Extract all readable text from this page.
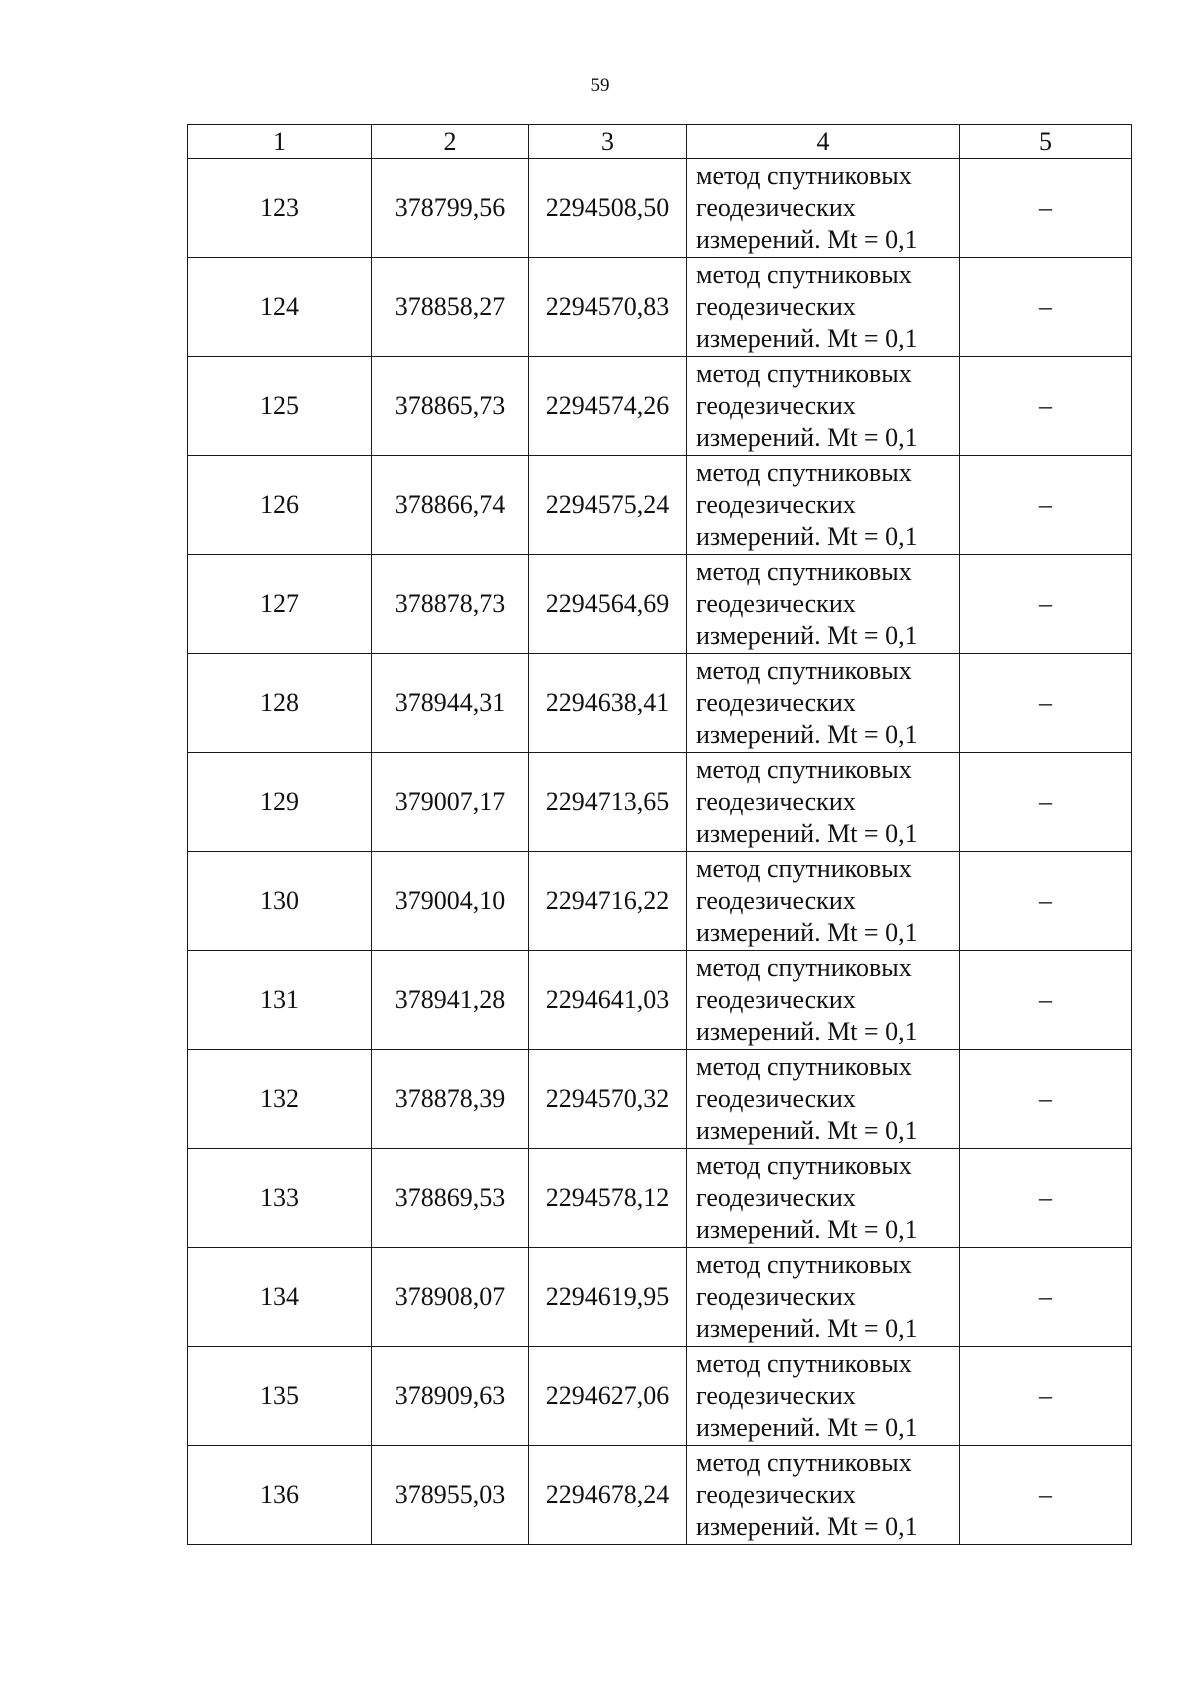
59
1	2	3	4	5
123	378799,56	2294508,50	метод спутниковых
геодезических
измерений. Mt = 0,1	–
124	378858,27	2294570,83	метод спутниковых
геодезических
измерений. Mt = 0,1	–
125	378865,73	2294574,26	метод спутниковых
геодезических
измерений. Mt = 0,1	–
126	378866,74	2294575,24	метод спутниковых
геодезических
измерений. Mt = 0,1	–
127	378878,73	2294564,69	метод спутниковых
геодезических
измерений. Mt = 0,1	–
128	378944,31	2294638,41	метод спутниковых
геодезических
измерений. Mt = 0,1	–
129	379007,17	2294713,65	метод спутниковых
геодезических
измерений. Mt = 0,1	–
130	379004,10	2294716,22	метод спутниковых
геодезических
измерений. Mt = 0,1	–
131	378941,28	2294641,03	метод спутниковых
геодезических
измерений. Mt = 0,1	–
132	378878,39	2294570,32	метод спутниковых
геодезических
измерений. Mt = 0,1	–
133	378869,53	2294578,12	метод спутниковых
геодезических
измерений. Mt = 0,1	–
134	378908,07	2294619,95	метод спутниковых
геодезических
измерений. Mt = 0,1	–
135	378909,63	2294627,06	метод спутниковых
геодезических
измерений. Mt = 0,1	–
136	378955,03	2294678,24	метод спутниковых
геодезических
измерений. Mt = 0,1	–
